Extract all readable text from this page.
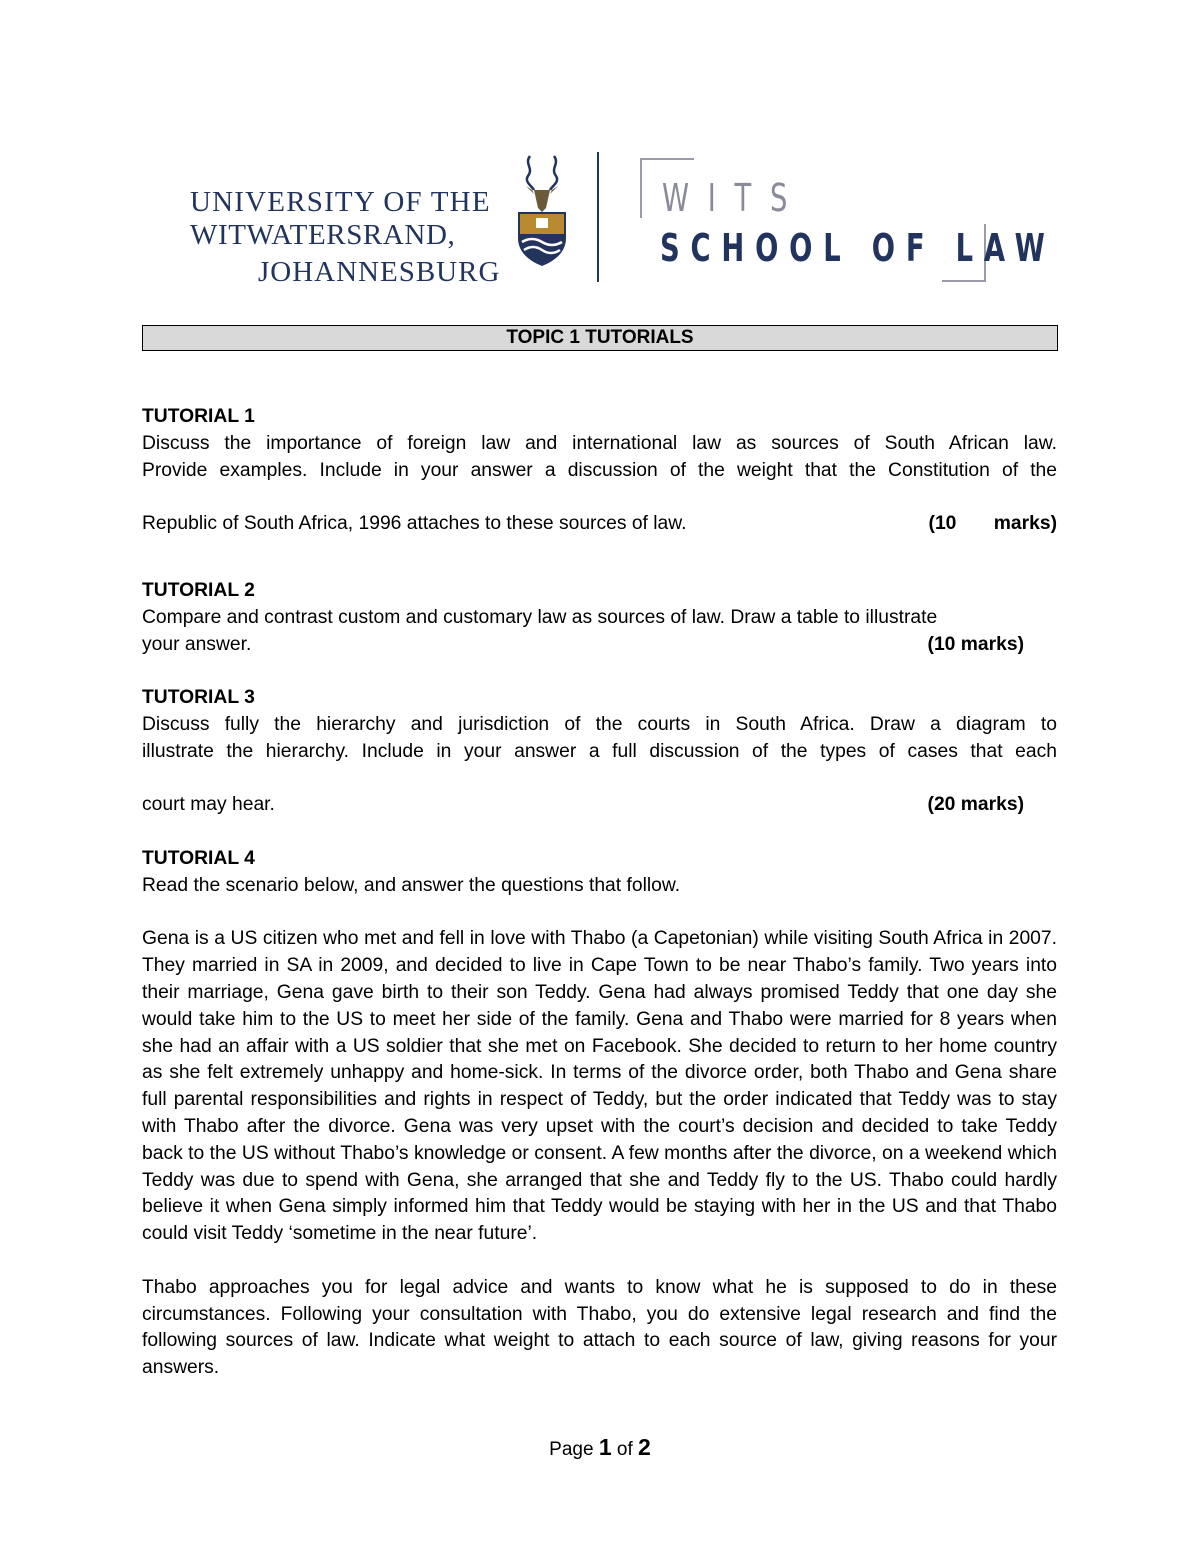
UNIVERSITY OF THE
WITWATERSRAND,
JOHANNESBURG
WITS
SCHOOL OF LAW
TOPIC 1 TUTORIALS
TUTORIAL 1

Discuss the importance of foreign law and international law as sources of South African law.

Provide examples. Include in your answer a discussion of the weight that the Constitution of the

Republic of South Africa, 1996 attaches to these sources of law.	(10 marks)
TUTORIAL 2
Compare and contrast custom and customary law as sources of law. Draw a table to illustrate
your answer.	(10 marks)
TUTORIAL 3

Discuss fully the hierarchy and jurisdiction of the courts in South Africa. Draw a diagram to

illustrate the hierarchy. Include in your answer a full discussion of the types of cases that each

court may hear.	(20 marks)
TUTORIAL 4
Read the scenario below, and answer the questions that follow.

Gena is a US citizen who met and fell in love with Thabo (a Capetonian) while visiting South Africa in 2007. They married in SA in 2009, and decided to live in Cape Town to be near Thabo’s family. Two years into their marriage, Gena gave birth to their son Teddy. Gena had always promised Teddy that one day she would take him to the US to meet her side of the family. Gena and Thabo were married for 8 years when she had an affair with a US soldier that she met on Facebook. She decided to return to her home country as she felt extremely unhappy and home-sick. In terms of the divorce order, both Thabo and Gena share full parental responsibilities and rights in respect of Teddy, but the order indicated that Teddy was to stay with Thabo after the divorce. Gena was very upset with the court’s decision and decided to take Teddy back to the US without Thabo’s knowledge or consent. A few months after the divorce, on a weekend which Teddy was due to spend with Gena, she arranged that she and Teddy fly to the US. Thabo could hardly believe it when Gena simply informed him that Teddy would be staying with her in the US and that Thabo could visit Teddy ‘sometime in the near future’.

Thabo approaches you for legal advice and wants to know what he is supposed to do in these circumstances. Following your consultation with Thabo, you do extensive legal research and find the following sources of law. Indicate what weight to attach to each source of law, giving reasons for your answers.

Page 1 of 2
